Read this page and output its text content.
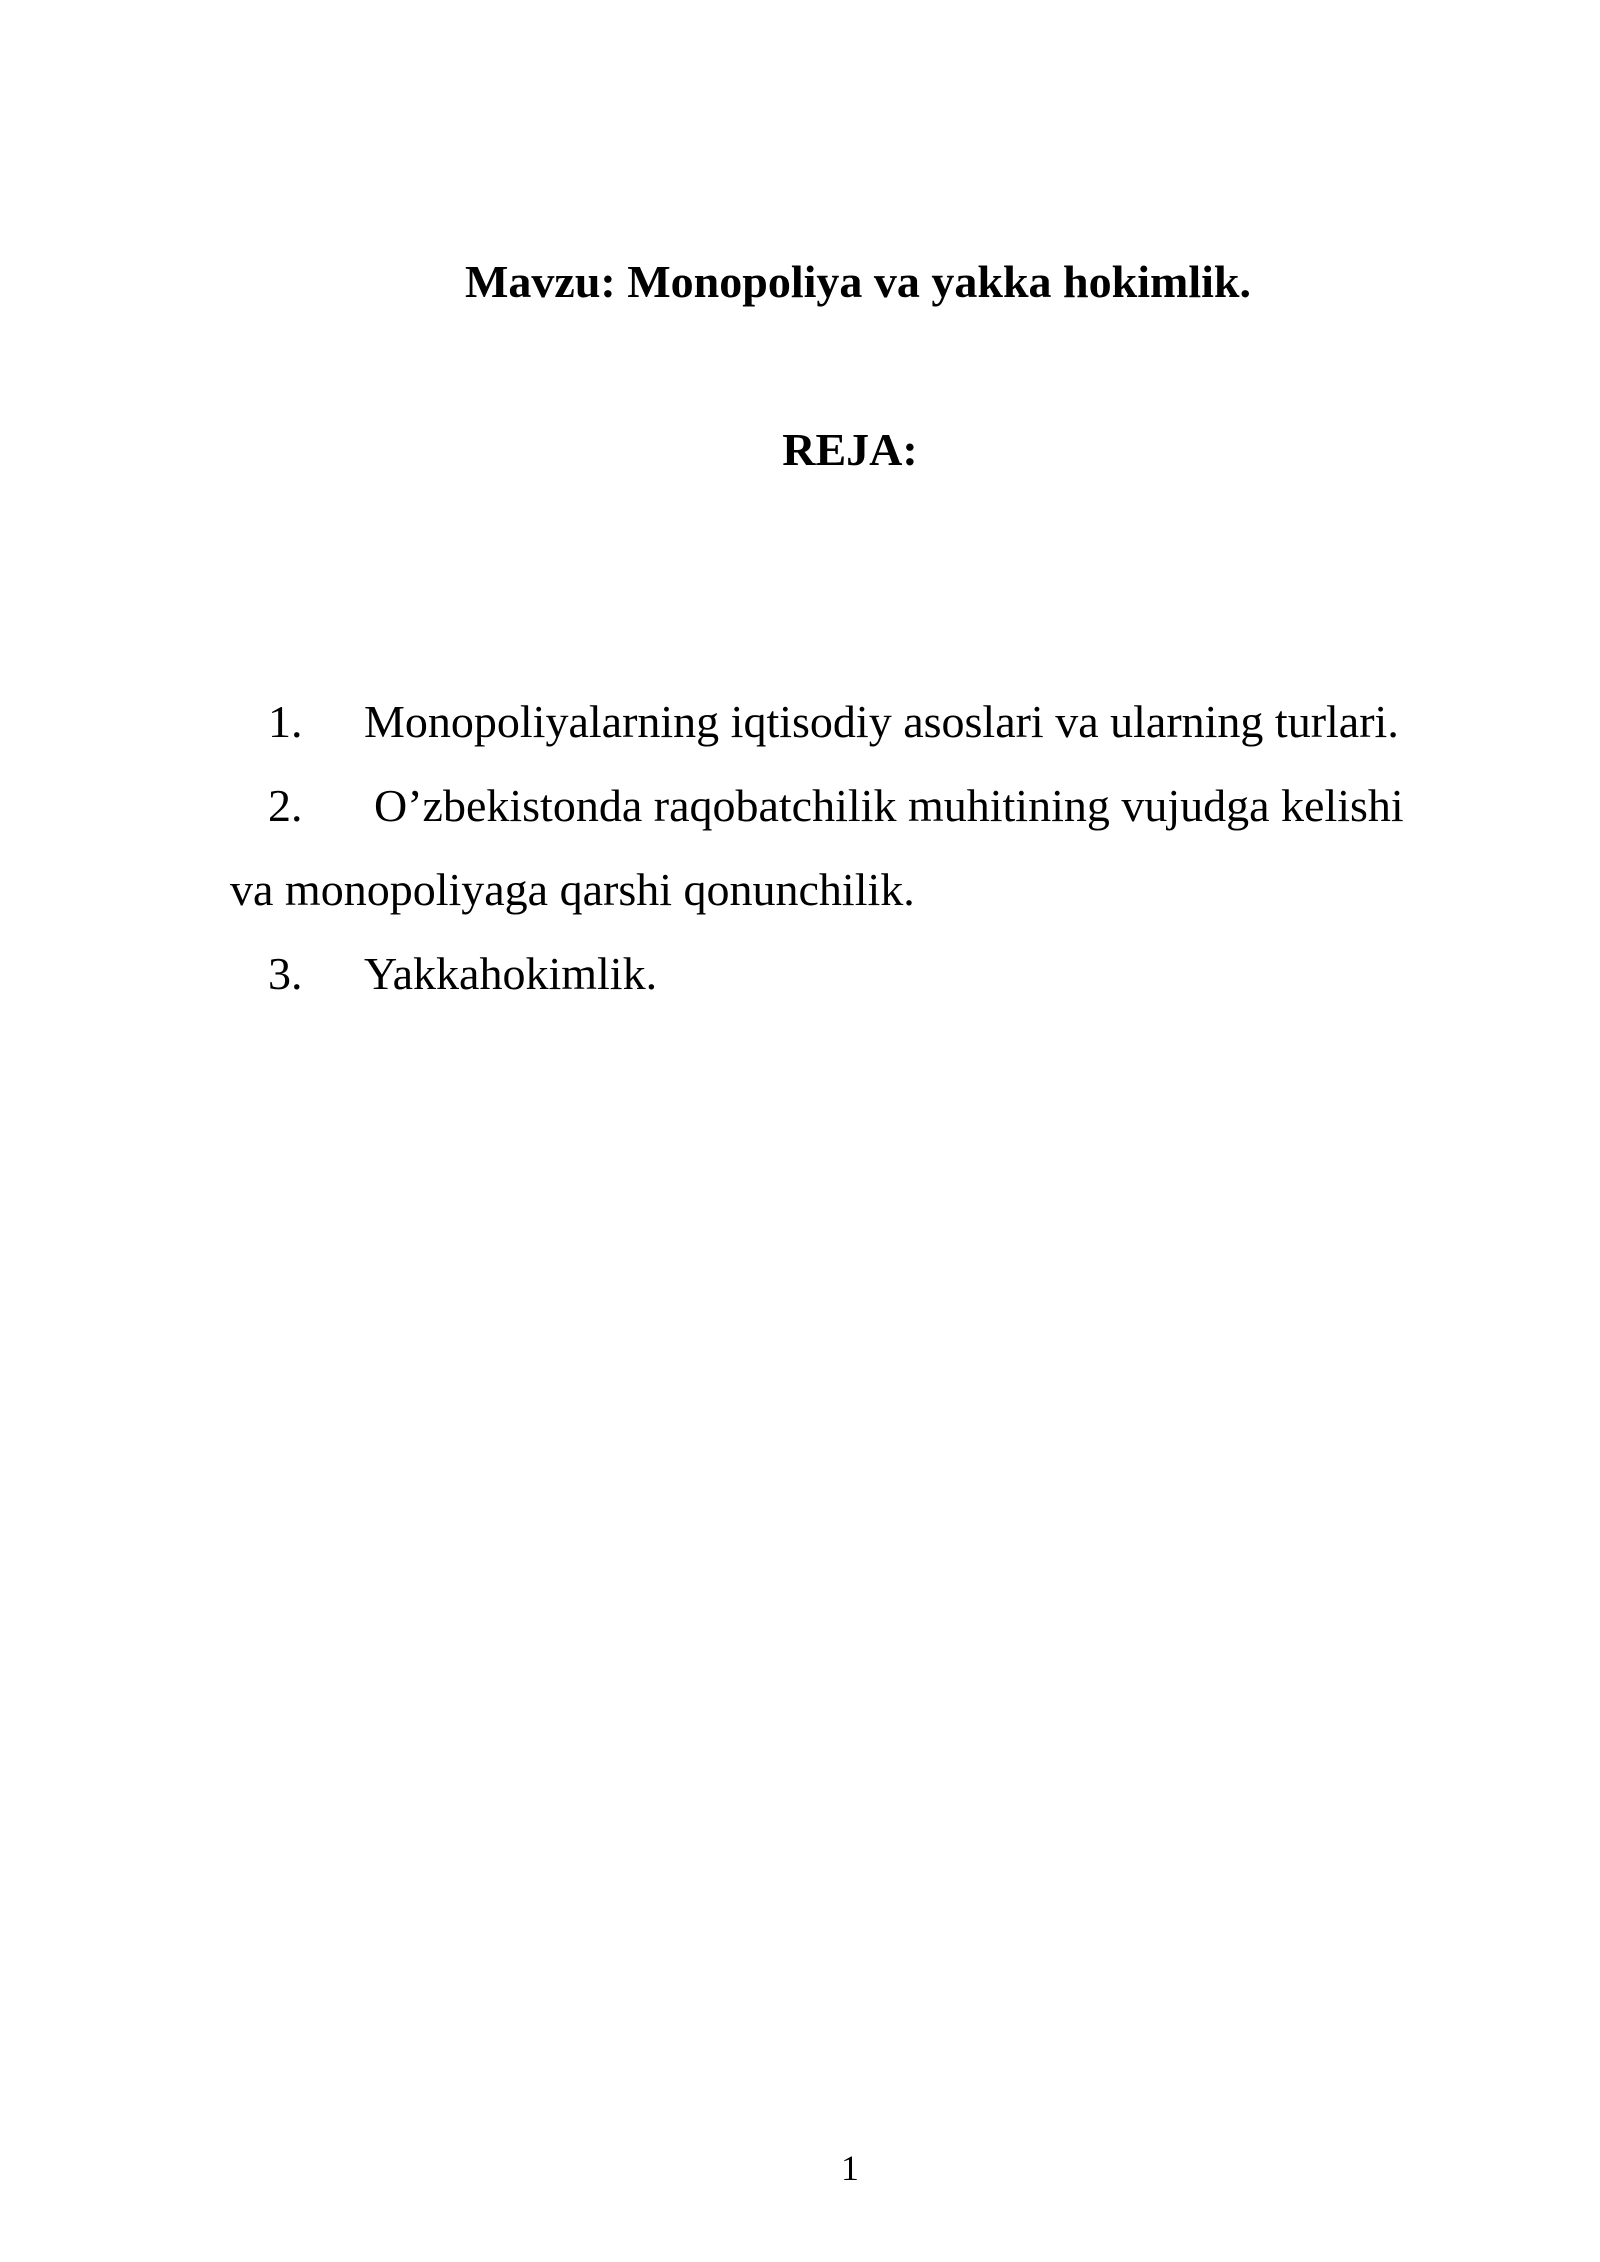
Mavzu: Monopoliya va yakka hokimlik.
REJA:
1. Monopoliyalarning iqtisodiy asoslari va ularning turlari.
2. O’zbekistonda raqobatchilik muhitining vujudga kelishi
va monopoliyaga qarshi qonunchilik.
3. Yakkahokimlik.
1
